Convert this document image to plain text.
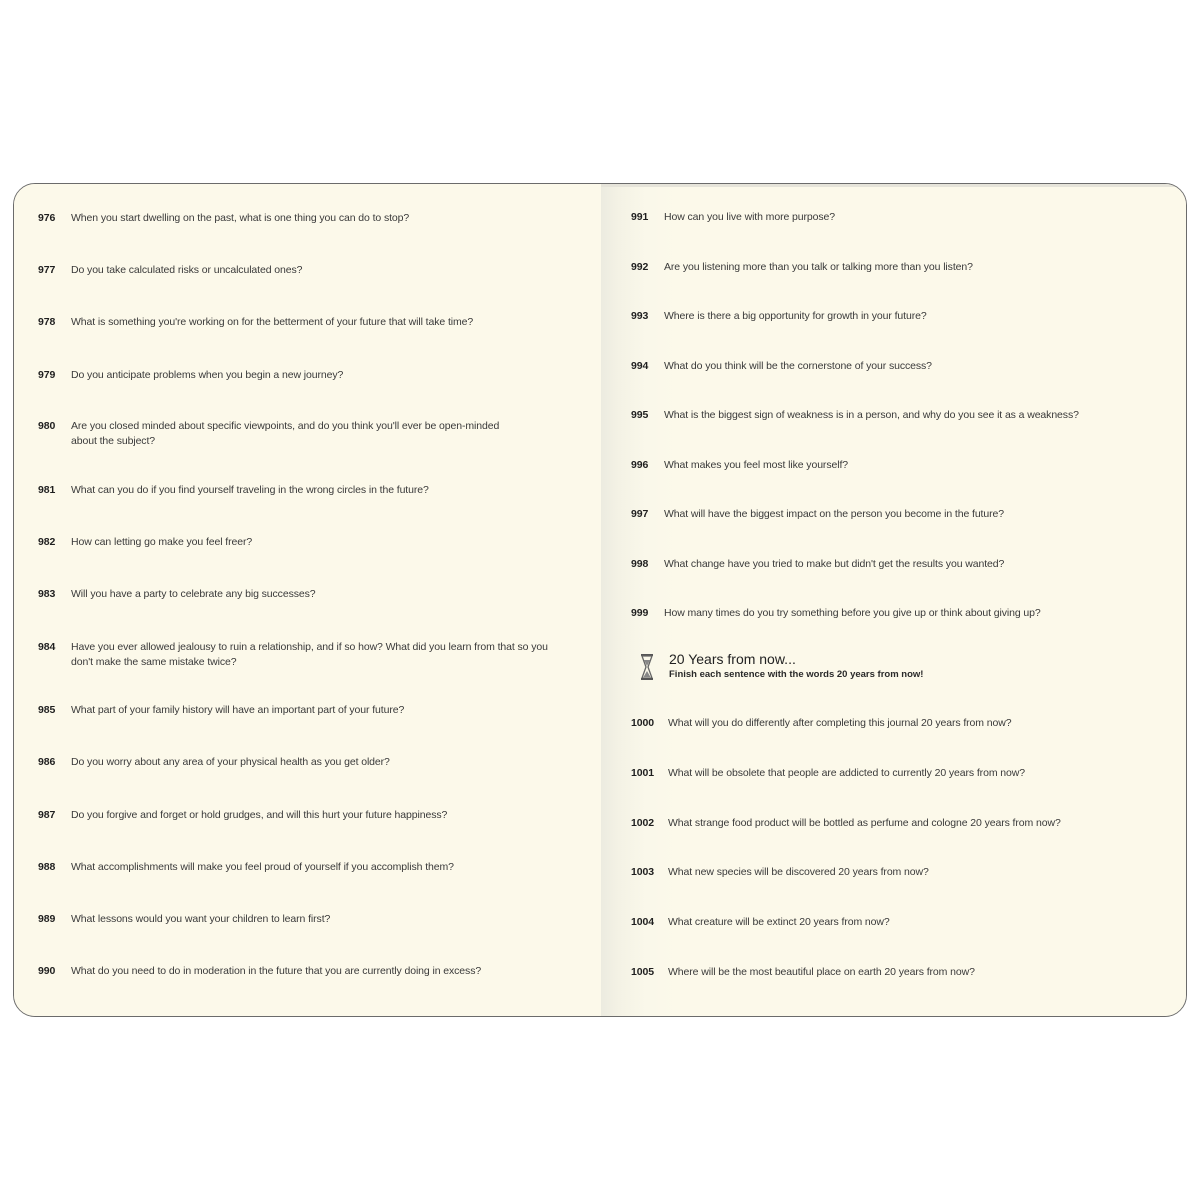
976	When you start dwelling on the past, what is one thing you can do to stop?
977	Do you take calculated risks or uncalculated ones?
978	What is something you're working on for the betterment of your future that will take time?
979	Do you anticipate problems when you begin a new journey?
980	Are you closed minded about specific viewpoints, and do you think you'll ever be open-minded about the subject?
981	What can you do if you find yourself traveling in the wrong circles in the future?
982	How can letting go make you feel freer?
983	Will you have a party to celebrate any big successes?
984	Have you ever allowed jealousy to ruin a relationship, and if so how? What did you learn from that so you don't make the same mistake twice?
985	What part of your family history will have an important part of your future?
986	Do you worry about any area of your physical health as you get older?
987	Do you forgive and forget or hold grudges, and will this hurt your future happiness?
988	What accomplishments will make you feel proud of yourself if you accomplish them?
989	What lessons would you want your children to learn first?
990	What do you need to do in moderation in the future that you are currently doing in excess?
991	How can you live with more purpose?
992	Are you listening more than you talk or talking more than you listen?
993	Where is there a big opportunity for growth in your future?
994	What do you think will be the cornerstone of your success?
995	What is the biggest sign of weakness is in a person, and why do you see it as a weakness?
996	What makes you feel most like yourself?
997	What will have the biggest impact on the person you become in the future?
998	What change have you tried to make but didn't get the results you wanted?
999	How many times do you try something before you give up or think about giving up?
20 Years from now...
Finish each sentence with the words 20 years from now!
1000	What will you do differently after completing this journal 20 years from now?
1001	What will be obsolete that people are addicted to currently 20 years from now?
1002	What strange food product will be bottled as perfume and cologne 20 years from now?
1003	What new species will be discovered 20 years from now?
1004	What creature will be extinct 20 years from now?
1005	Where will be the most beautiful place on earth 20 years from now?
